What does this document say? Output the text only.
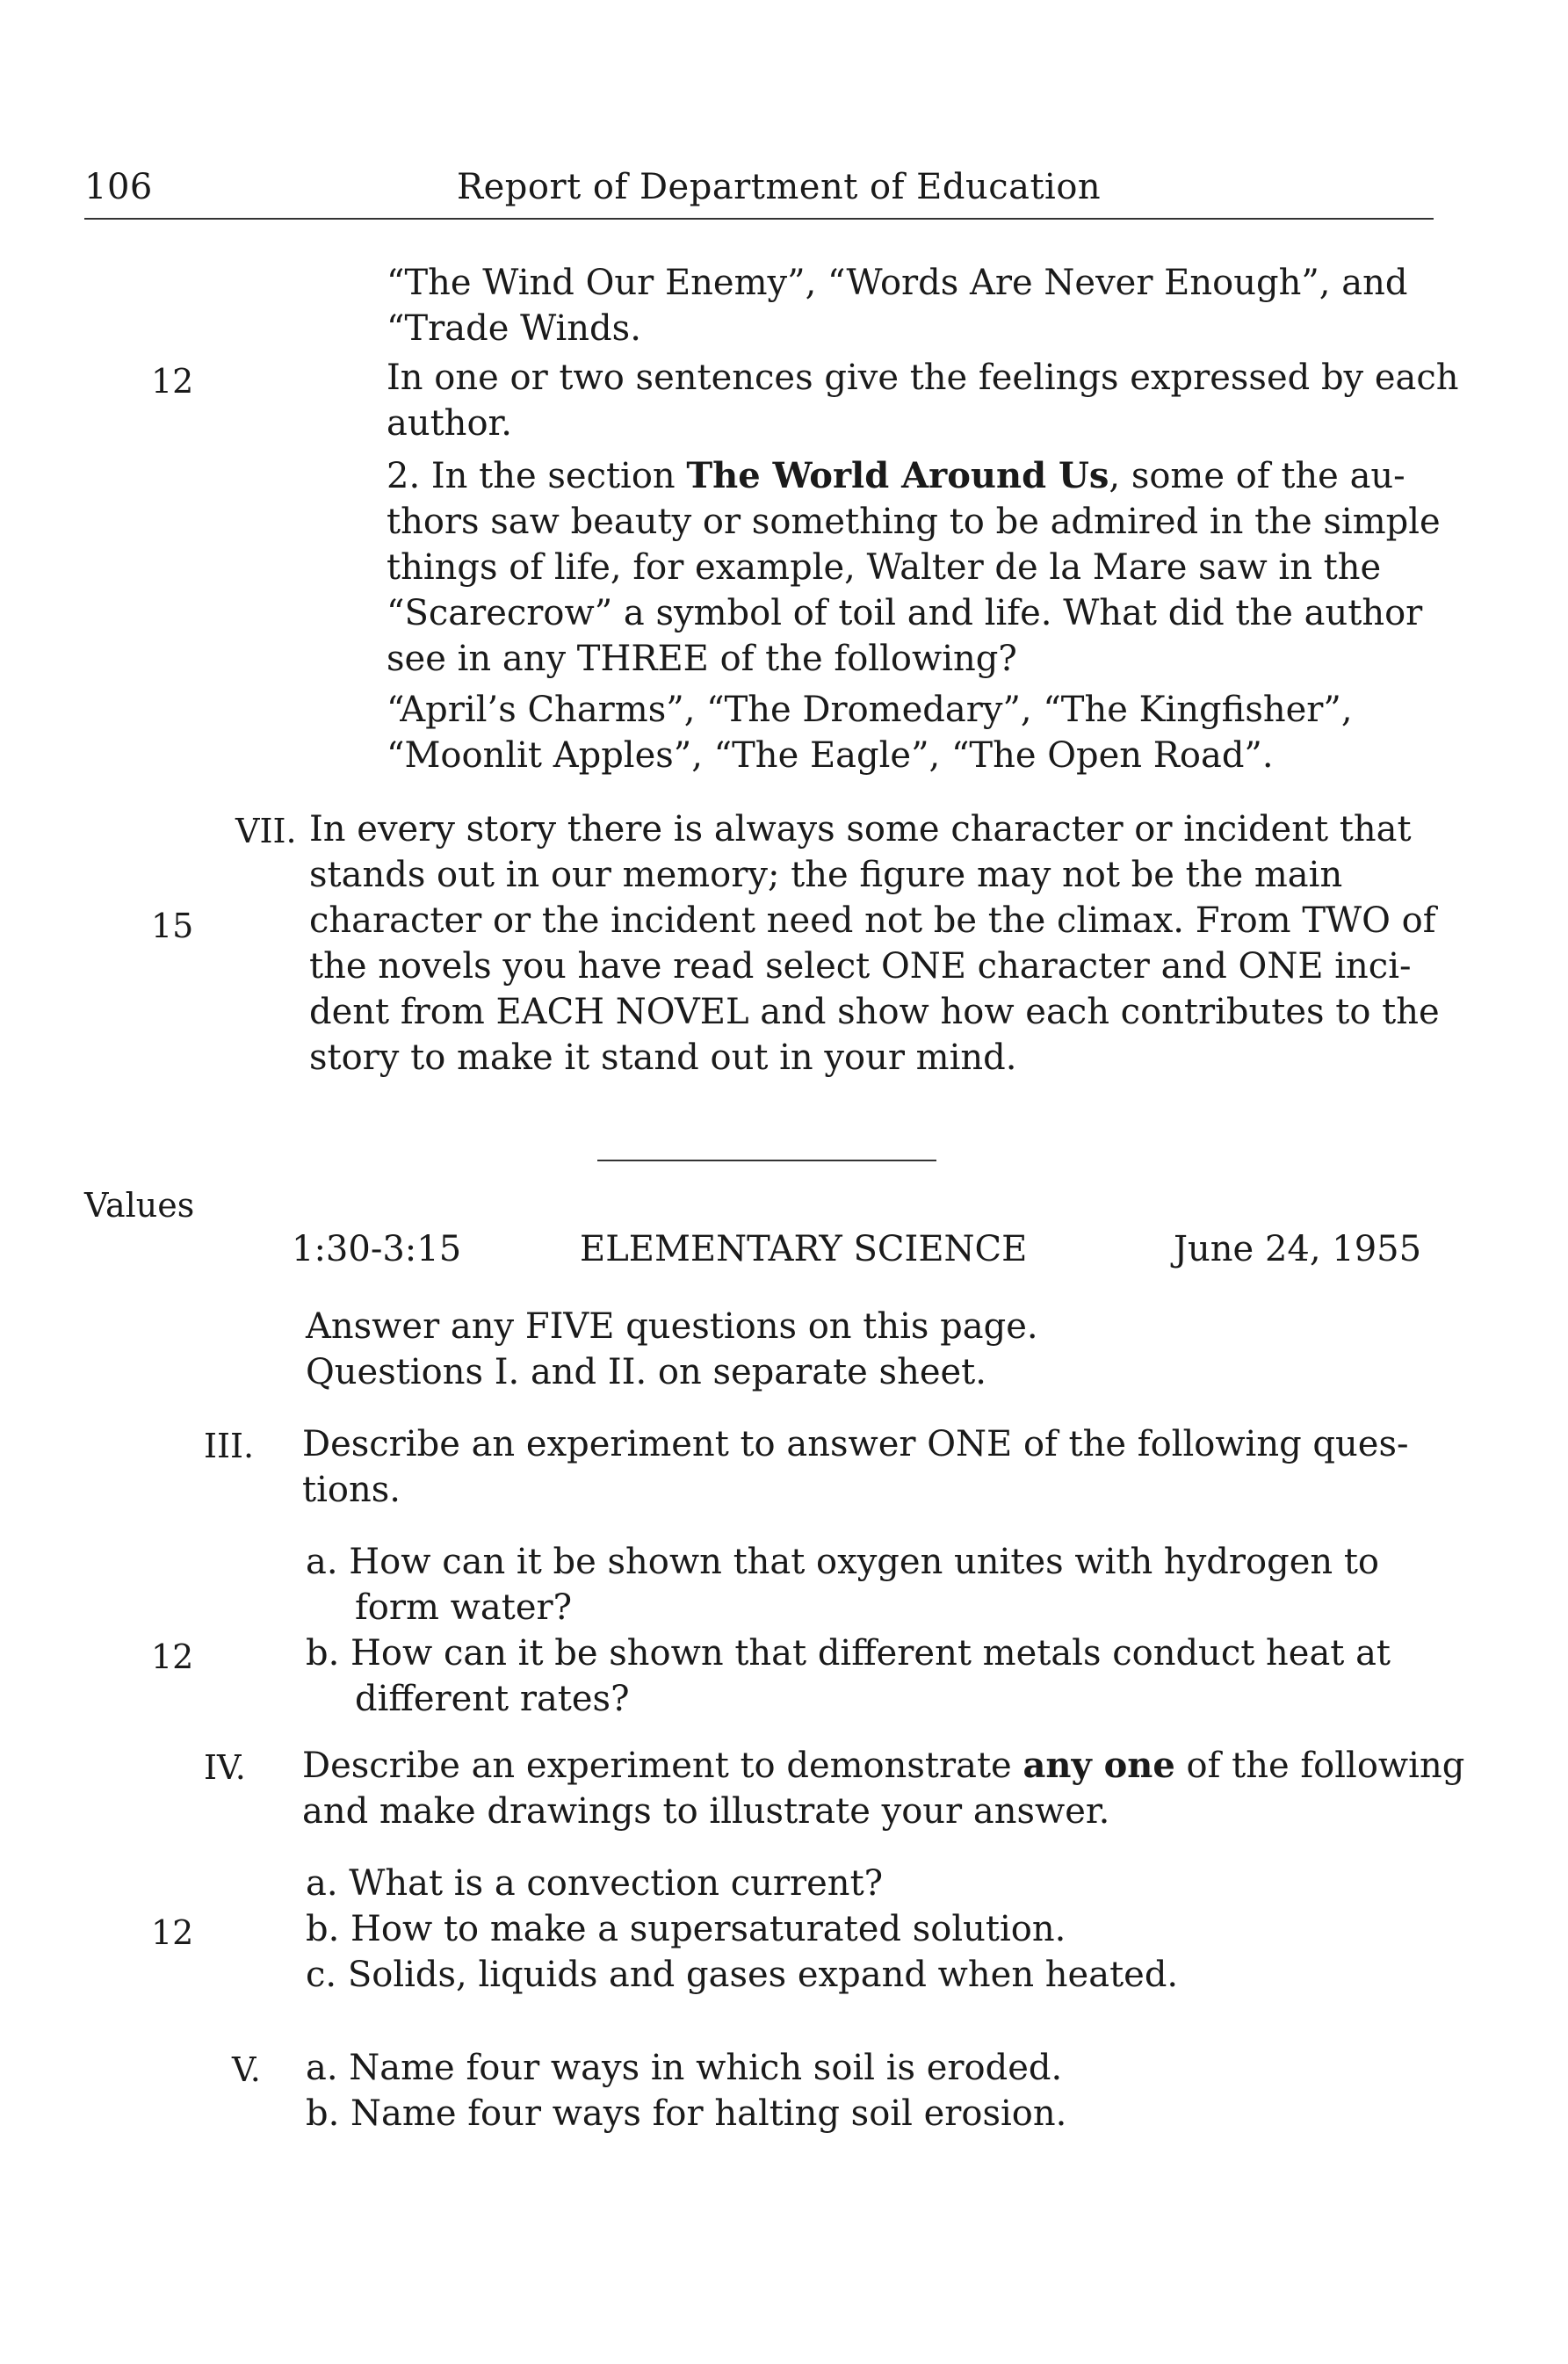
106	Report of Department of Education
“The Wind Our Enemy”, “Words Are Never Enough”, and
“Trade Winds.
12	In one or two sentences give the feelings expressed by each
author.
2. In the section The World Around Us, some of the au-
thors saw beauty or something to be admired in the simple
things of life, for example, Walter de la Mare saw in the
“Scarecrow” a symbol of toil and life. What did the author
see in any THREE of the following?
“April’s Charms”, “The Dromedary”, “The Kingfisher”,
“Moonlit Apples”, “The Eagle”, “The Open Road”.
VII.
15
In every story there is always some character or incident that
stands out in our memory; the figure may not be the main
character or the incident need not be the climax. From TWO of
the novels you have read select ONE character and ONE inci-
dent from EACH NOVEL and show how each contributes to the
story to make it stand out in your mind.
Values
1:30-3:15	ELEMENTARY SCIENCE	June 24, 1955
Answer any FIVE questions on this page.
Questions I. and II. on separate sheet.
III. Describe an experiment to answer ONE of the following ques-
tions.
a. How can it be shown that oxygen unites with hydrogen to
form water?
12	b. How can it be shown that different metals conduct heat at
different rates?
IV. Describe an experiment to demonstrate any one of the following
and make drawings to illustrate your answer.
a. What is a convection current?
b. How to make a supersaturated solution.
c. Solids, liquids and gases expand when heated.
12
V. a. Name four ways in which soil is eroded.
b. Name four ways for halting soil erosion.
